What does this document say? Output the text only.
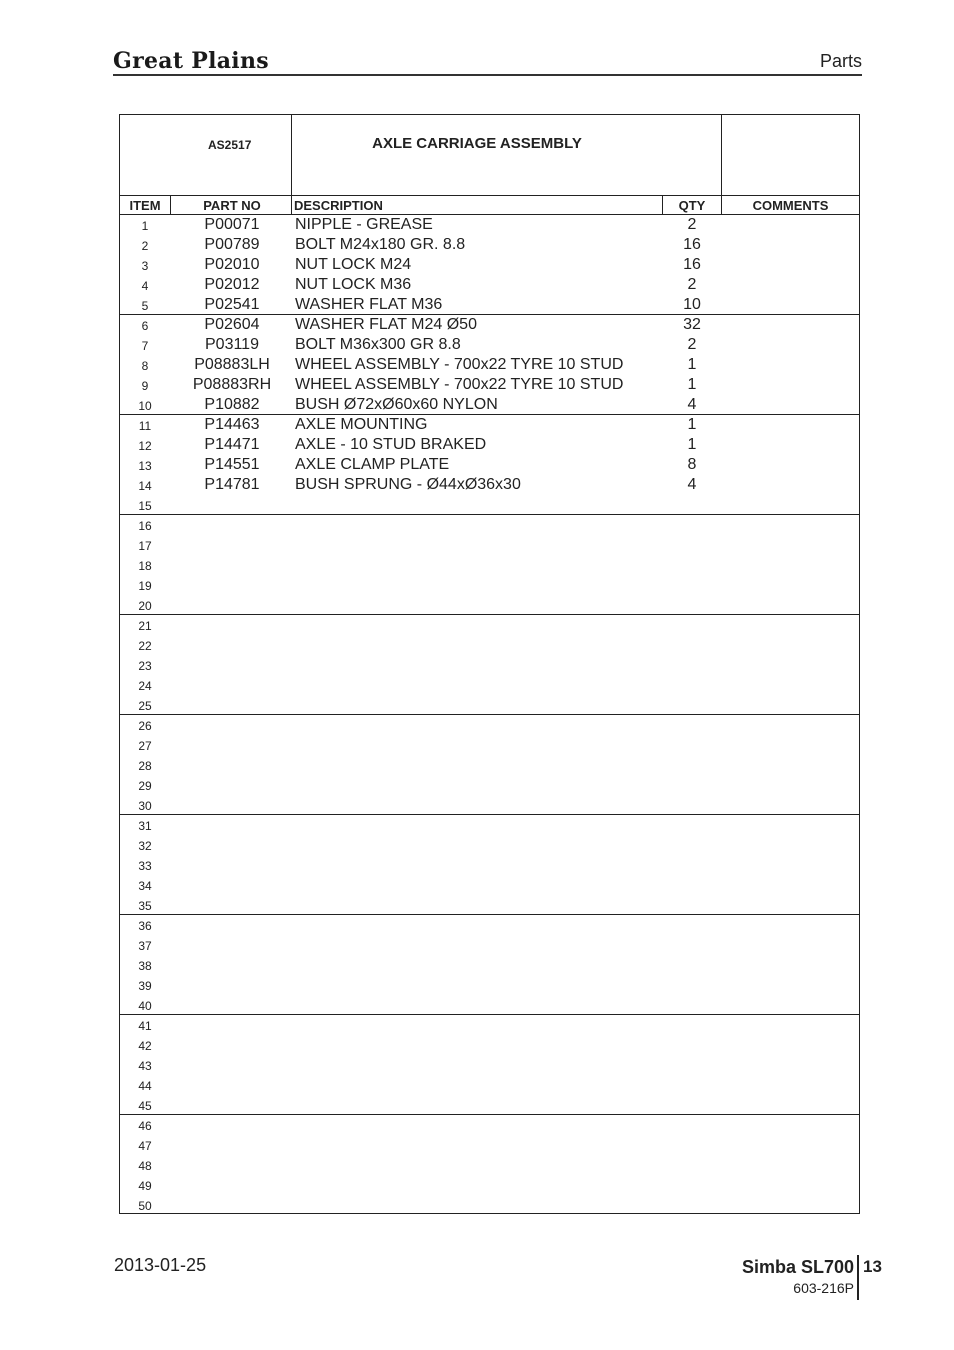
Great Plains	Parts
AS2517	AXLE CARRIAGE ASSEMBLY
ITEM	PART NO	DESCRIPTION	QTY	COMMENTS
1	P00071	NIPPLE - GREASE	2
2	P00789	BOLT M24x180 GR. 8.8	16
3	P02010	NUT LOCK M24	16
4	P02012	NUT LOCK M36	2
5	P02541	WASHER FLAT M36	10
6	P02604	WASHER FLAT M24 Ø50	32
7	P03119	BOLT M36x300 GR 8.8	2
8	P08883LH	WHEEL ASSEMBLY - 700x22 TYRE 10 STUD	1
9	P08883RH	WHEEL ASSEMBLY - 700x22 TYRE 10 STUD	1
10	P10882	BUSH Ø72xØ60x60 NYLON	4
11	P14463	AXLE MOUNTING	1
12	P14471	AXLE - 10 STUD BRAKED	1
13	P14551	AXLE CLAMP PLATE	8
14	P14781	BUSH SPRUNG - Ø44xØ36x30	4
15
16
17
18
19
20
21
22
23
24
25
26
27
28
29
30
31
32
33
34
35
36
37
38
39
40
41
42
43
44
45
46
47
48
49
50
2013-01-25	Simba SL700
603-216P
13
